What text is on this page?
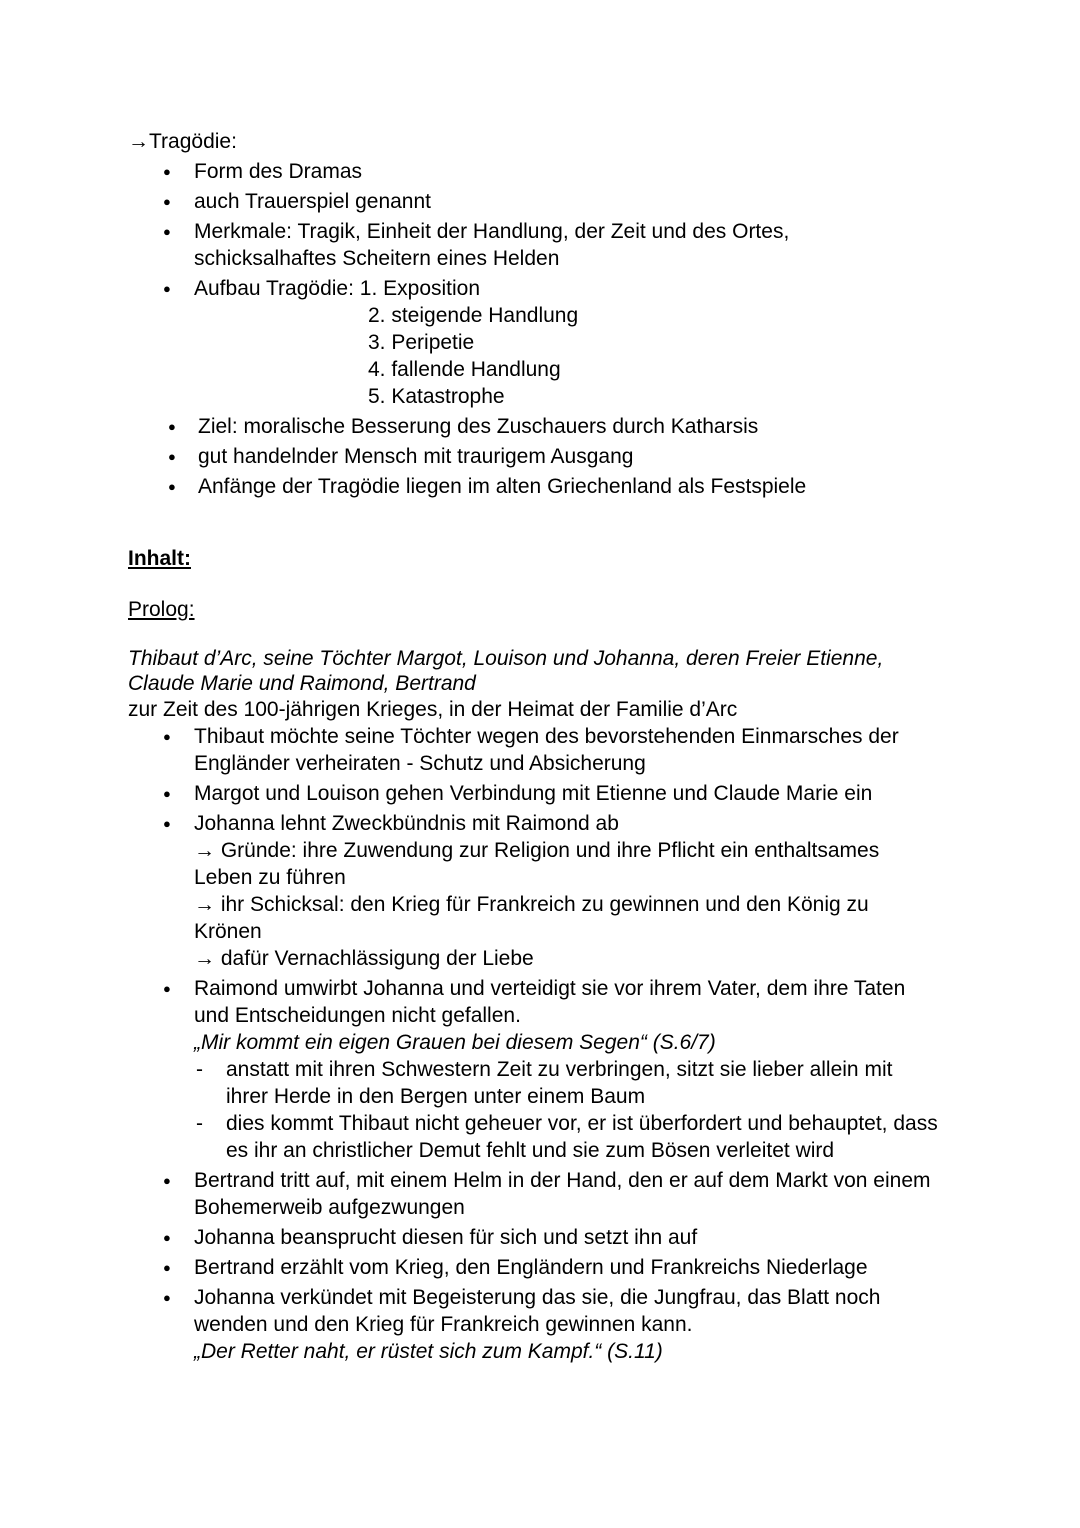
→Tragödie:
● Form des Dramas
● auch Trauerspiel genannt
● Merkmale: Tragik, Einheit der Handlung, der Zeit und des Ortes, schicksalhaftes Scheitern eines Helden
● Aufbau Tragödie: 1. Exposition
2. steigende Handlung
3. Peripetie
4. fallende Handlung
5. Katastrophe
● Ziel: moralische Besserung des Zuschauers durch Katharsis
● gut handelnder Mensch mit traurigem Ausgang
● Anfänge der Tragödie liegen im alten Griechenland als Festspiele
Inhalt:
Prolog:
Thibaut d’Arc, seine Töchter Margot, Louison und Johanna, deren Freier Etienne, Claude Marie und Raimond, Bertrand
zur Zeit des 100-jährigen Krieges, in der Heimat der Familie d’Arc
● Thibaut möchte seine Töchter wegen des bevorstehenden Einmarsches der Engländer verheiraten - Schutz und Absicherung
● Margot und Louison gehen Verbindung mit Etienne und Claude Marie ein
● Johanna lehnt Zweckbündnis mit Raimond ab
→ Gründe: ihre Zuwendung zur Religion und ihre Pflicht ein enthaltsames Leben zu führen
→ ihr Schicksal: den Krieg für Frankreich zu gewinnen und den König zu Krönen
→ dafür Vernachlässigung der Liebe
● Raimond umwirbt Johanna und verteidigt sie vor ihrem Vater, dem ihre Taten und Entscheidungen nicht gefallen.
„Mir kommt ein eigen Grauen bei diesem Segen“ (S.6/7)
- anstatt mit ihren Schwestern Zeit zu verbringen, sitzt sie lieber allein mit ihrer Herde in den Bergen unter einem Baum
- dies kommt Thibaut nicht geheuer vor, er ist überfordert und behauptet, dass es ihr an christlicher Demut fehlt und sie zum Bösen verleitet wird
● Bertrand tritt auf, mit einem Helm in der Hand, den er auf dem Markt von einem Bohemerweib aufgezwungen
● Johanna beansprucht diesen für sich und setzt ihn auf
● Bertrand erzählt vom Krieg, den Engländern und Frankreichs Niederlage
● Johanna verkündet mit Begeisterung das sie, die Jungfrau, das Blatt noch wenden und den Krieg für Frankreich gewinnen kann.
„Der Retter naht, er rüstet sich zum Kampf.“ (S.11)
